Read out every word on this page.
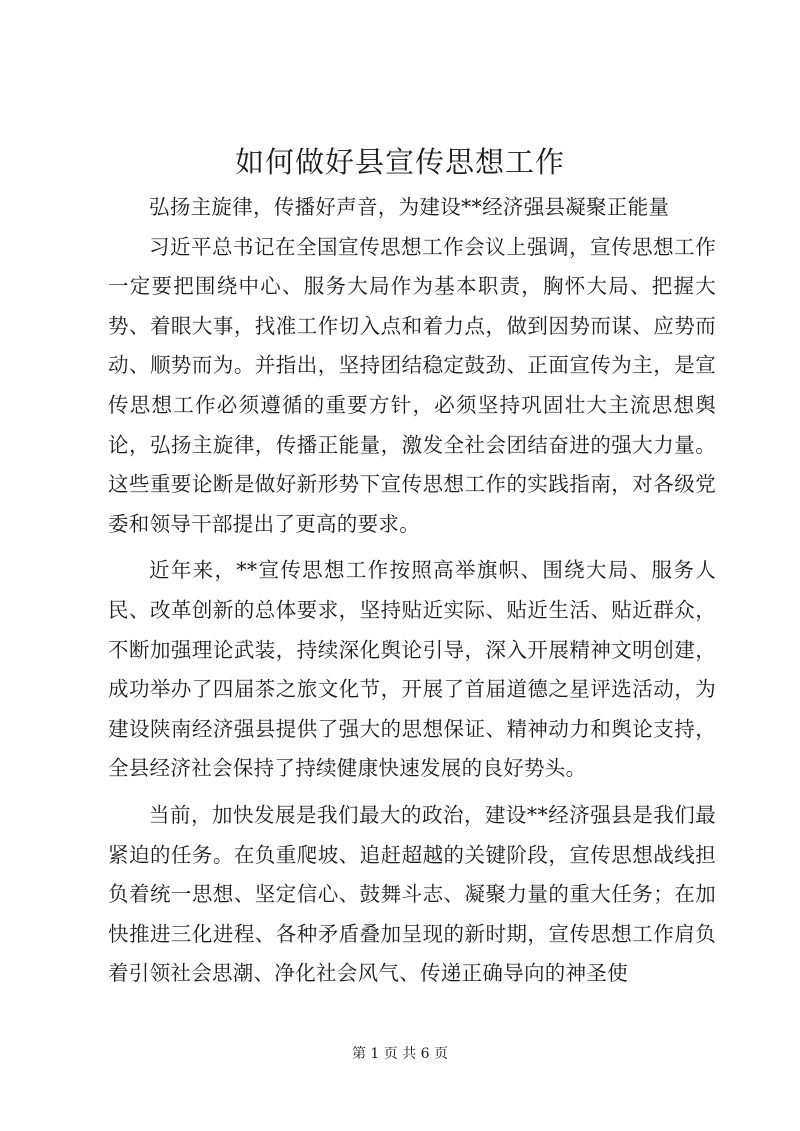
如何做好县宣传思想工作

弘扬主旋律，传播好声音，为建设**经济强县凝聚正能量

习近平总书记在全国宣传思想工作会议上强调，宣传思想工作一定要把围绕中心、服务大局作为基本职责，胸怀大局、把握大势、着眼大事，找准工作切入点和着力点，做到因势而谋、应势而动、顺势而为。并指出，坚持团结稳定鼓劲、正面宣传为主，是宣传思想工作必须遵循的重要方针，必须坚持巩固壮大主流思想舆论，弘扬主旋律，传播正能量，激发全社会团结奋进的强大力量。这些重要论断是做好新形势下宣传思想工作的实践指南，对各级党委和领导干部提出了更高的要求。

近年来，**宣传思想工作按照高举旗帜、围绕大局、服务人民、改革创新的总体要求，坚持贴近实际、贴近生活、贴近群众，不断加强理论武装，持续深化舆论引导，深入开展精神文明创建，成功举办了四届茶之旅文化节，开展了首届道德之星评选活动，为建设陕南经济强县提供了强大的思想保证、精神动力和舆论支持，全县经济社会保持了持续健康快速发展的良好势头。

当前，加快发展是我们最大的政治，建设**经济强县是我们最紧迫的任务。在负重爬坡、追赶超越的关键阶段，宣传思想战线担负着统一思想、坚定信心、鼓舞斗志、凝聚力量的重大任务；在加快推进三化进程、各种矛盾叠加呈现的新时期，宣传思想工作肩负着引领社会思潮、净化社会风气、传递正确导向的神圣使

第 1 页 共 6 页
